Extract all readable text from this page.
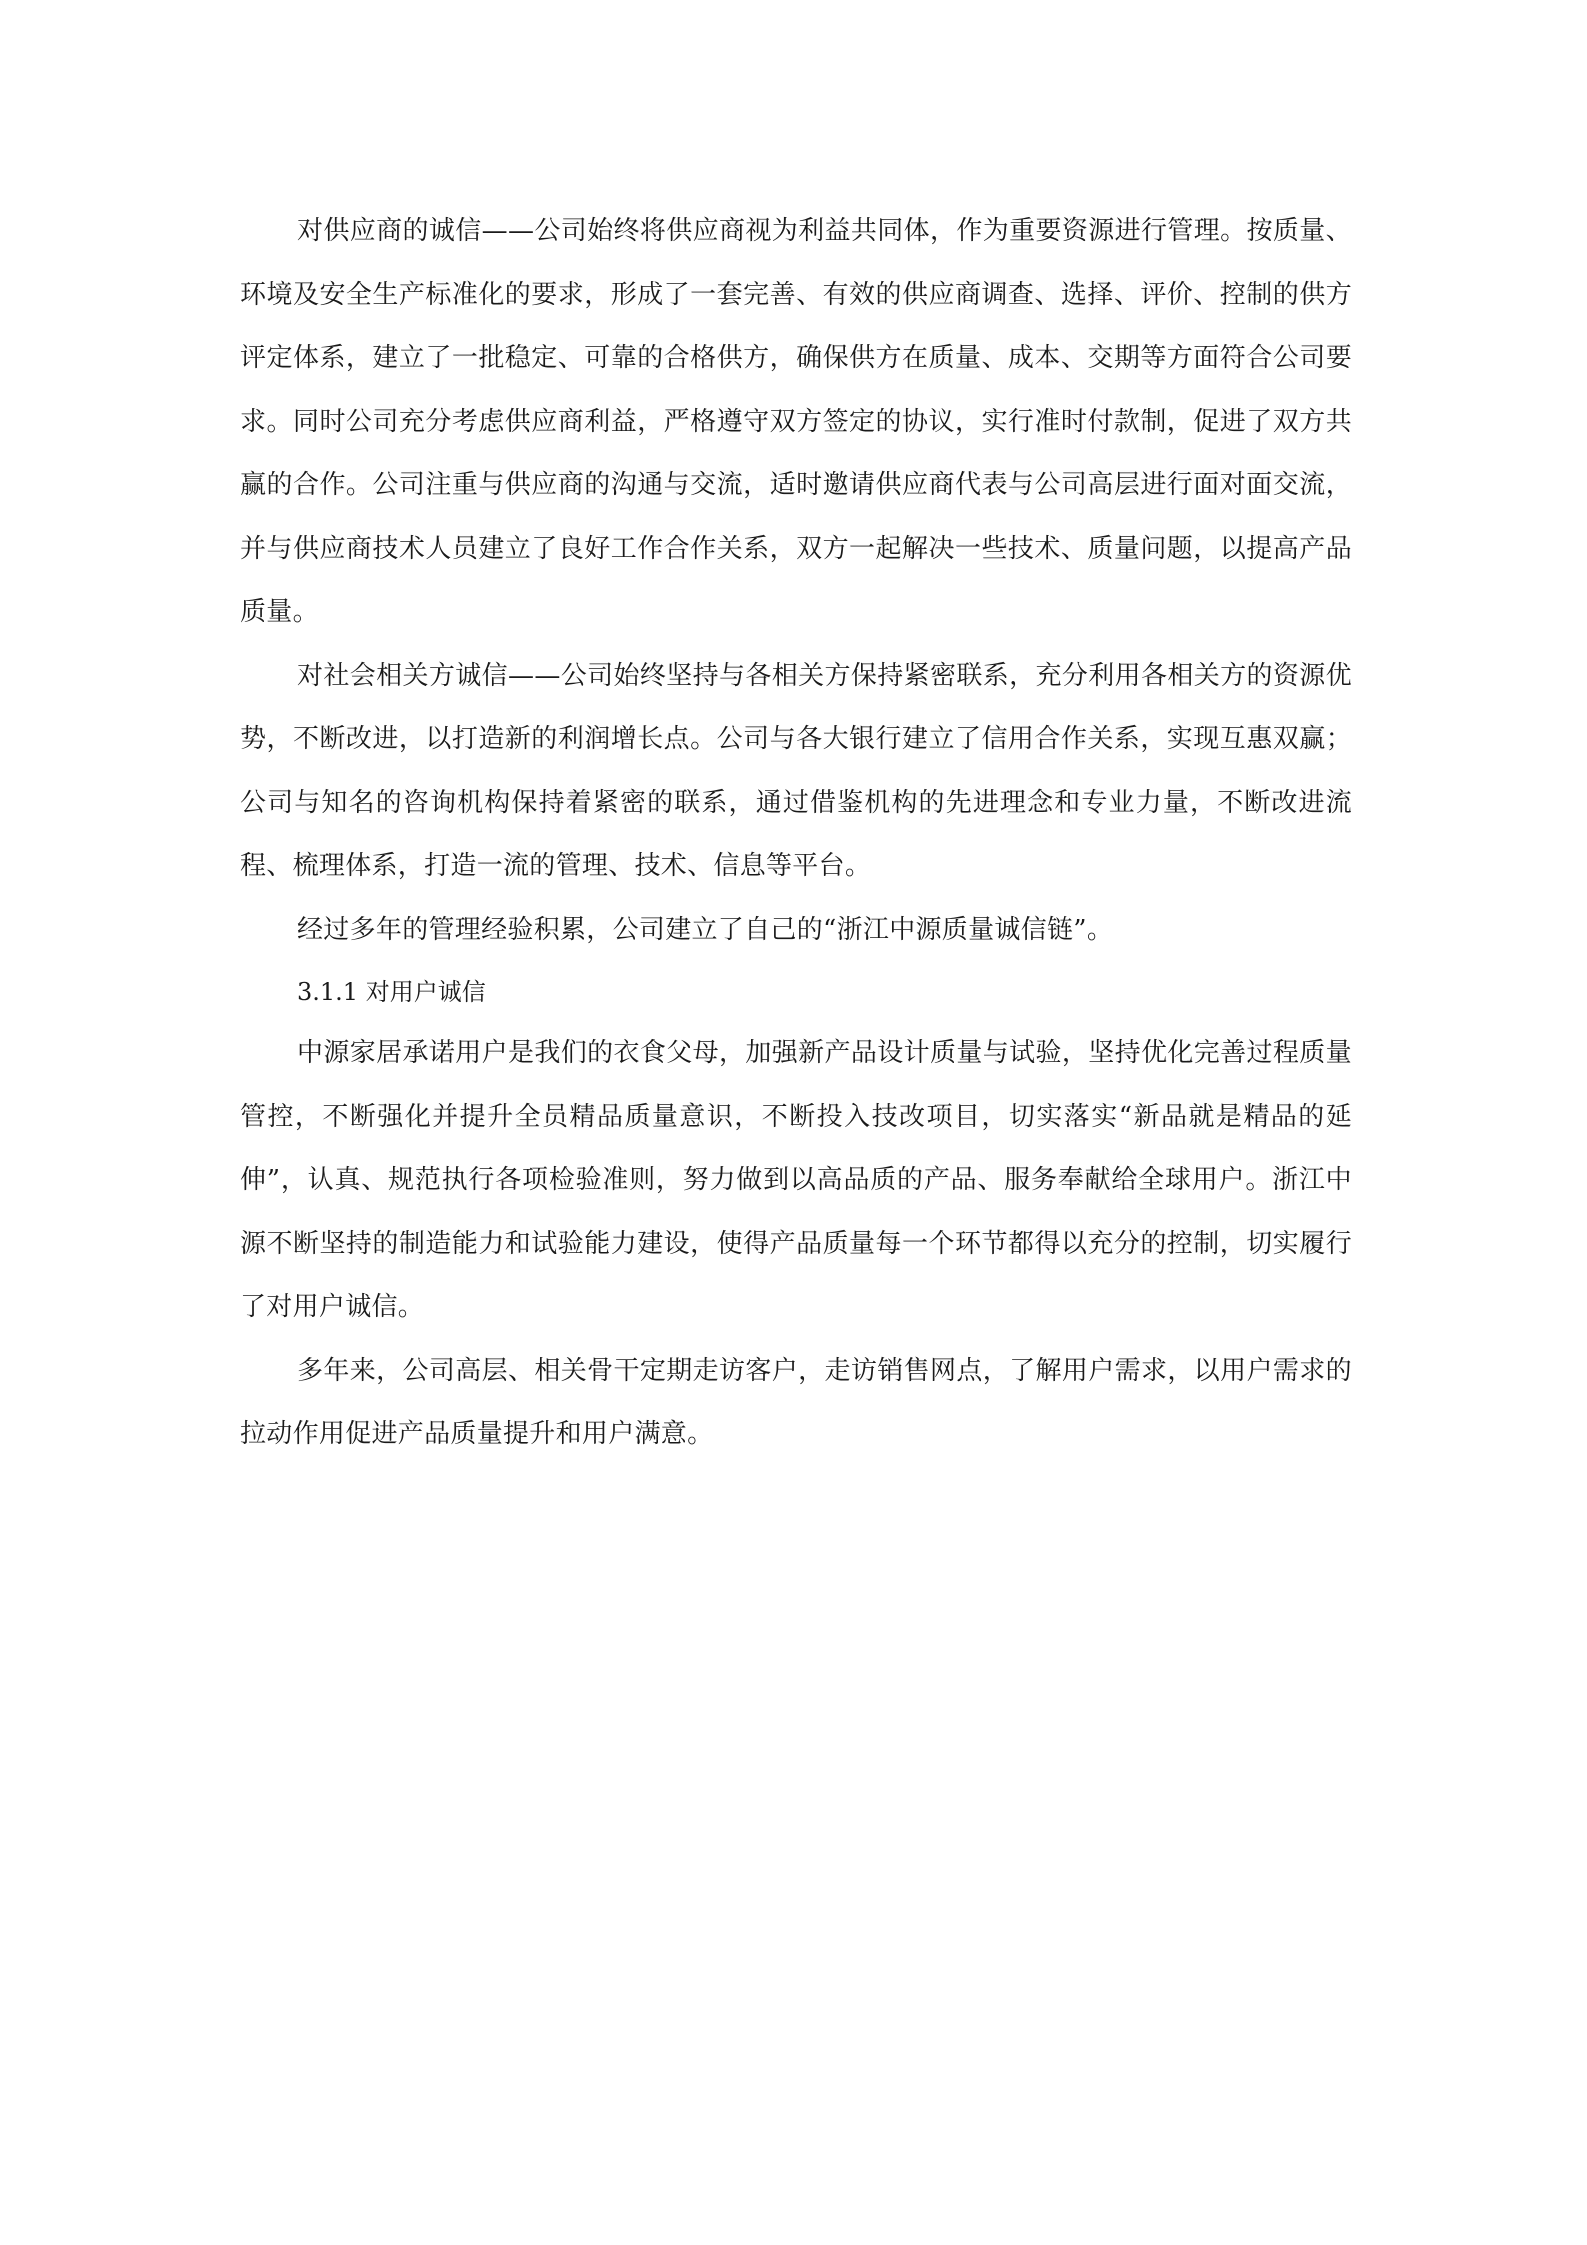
对供应商的诚信——公司始终将供应商视为利益共同体，作为重要资源进行管理。按质量、环境及安全生产标准化的要求，形成了一套完善、有效的供应商调查、选择、评价、控制的供方评定体系，建立了一批稳定、可靠的合格供方，确保供方在质量、成本、交期等方面符合公司要求。同时公司充分考虑供应商利益，严格遵守双方签定的协议，实行准时付款制，促进了双方共赢的合作。公司注重与供应商的沟通与交流，适时邀请供应商代表与公司高层进行面对面交流，并与供应商技术人员建立了良好工作合作关系，双方一起解决一些技术、质量问题，以提高产品质量。

对社会相关方诚信——公司始终坚持与各相关方保持紧密联系，充分利用各相关方的资源优势，不断改进，以打造新的利润增长点。公司与各大银行建立了信用合作关系，实现互惠双赢；公司与知名的咨询机构保持着紧密的联系，通过借鉴机构的先进理念和专业力量，不断改进流程、梳理体系，打造一流的管理、技术、信息等平台。

经过多年的管理经验积累，公司建立了自己的“浙江中源质量诚信链”。

3.1.1 对用户诚信

中源家居承诺用户是我们的衣食父母，加强新产品设计质量与试验，坚持优化完善过程质量管控，不断强化并提升全员精品质量意识，不断投入技改项目，切实落实“新品就是精品的延伸”，认真、规范执行各项检验准则，努力做到以高品质的产品、服务奉献给全球用户。浙江中源不断坚持的制造能力和试验能力建设，使得产品质量每一个环节都得以充分的控制，切实履行了对用户诚信。

多年来，公司高层、相关骨干定期走访客户，走访销售网点，了解用户需求，以用户需求的拉动作用促进产品质量提升和用户满意。
